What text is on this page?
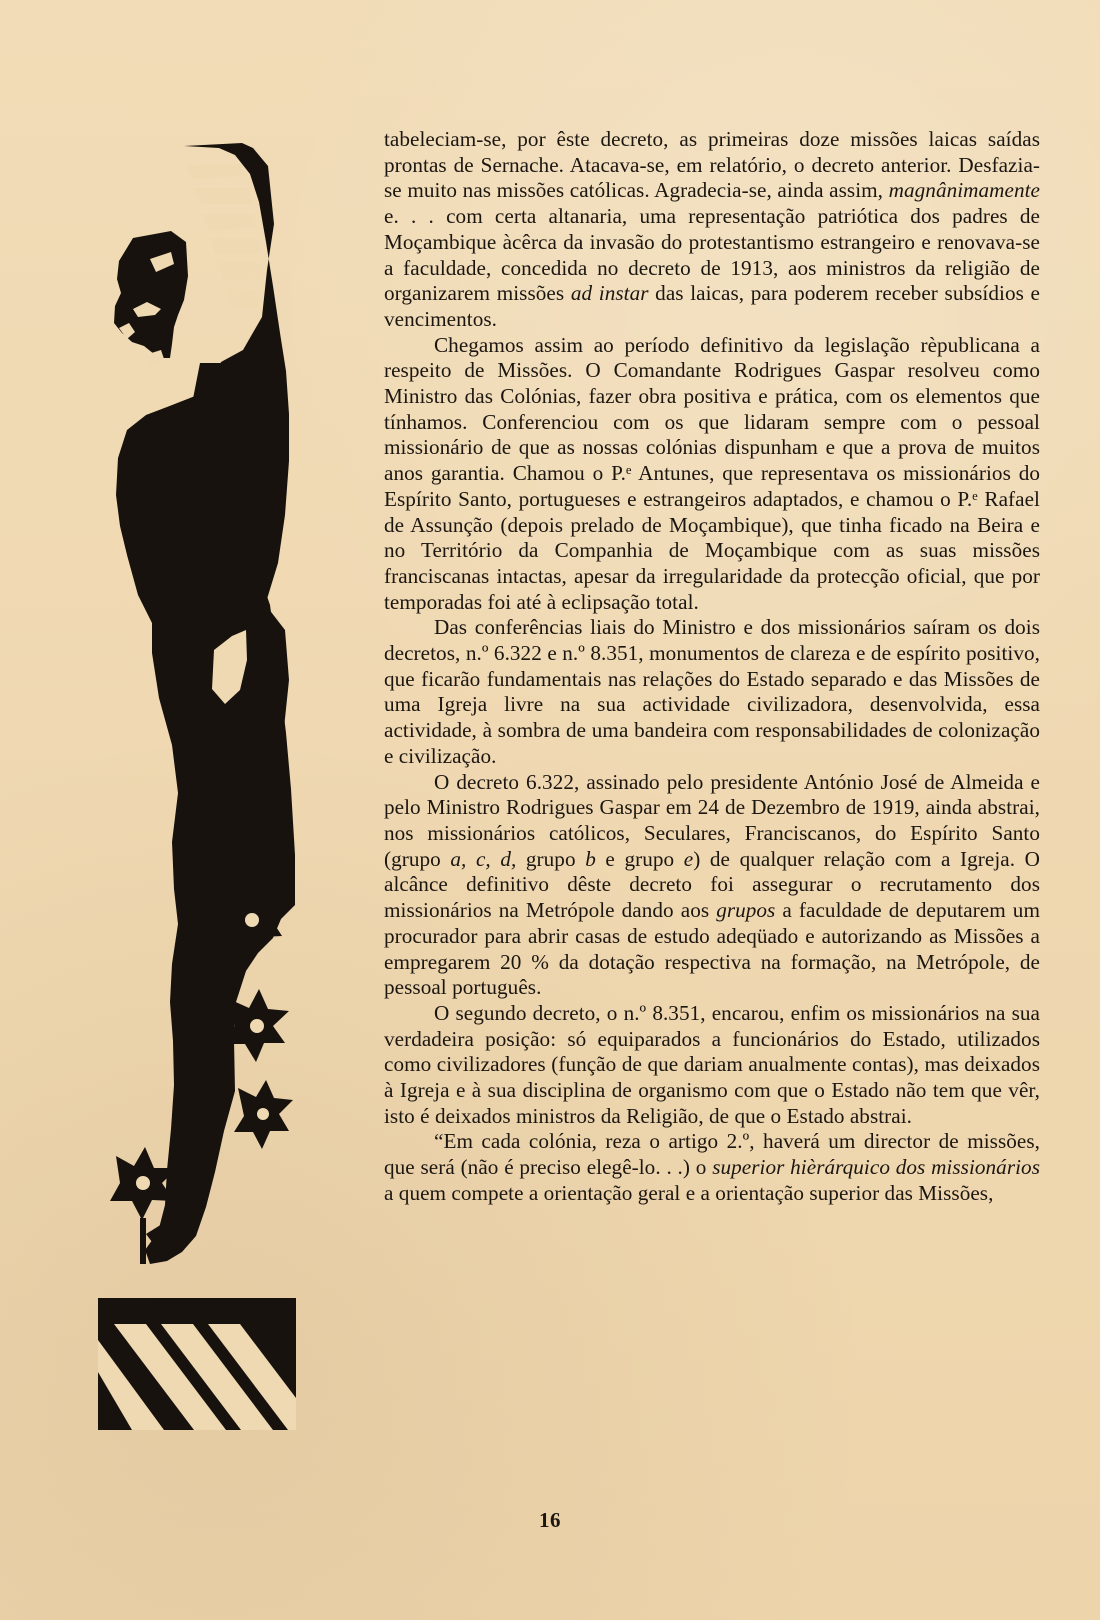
tabeleciam-se, por êste decreto, as primeiras doze missões laicas saídas prontas de Sernache. Atacava-se, em relatório, o decreto anterior. Desfazia-se muito nas missões católicas. Agradecia-se, ainda assim, magnânimamente e. . . com certa altanaria, uma representação patriótica dos padres de Moçambique àcêrca da invasão do protestantismo estrangeiro e renovava-se a faculdade, concedida no decreto de 1913, aos ministros da religião de organizarem missões ad instar das laicas, para poderem receber subsídios e vencimentos.

Chegamos assim ao período definitivo da legislação rèpublicana a respeito de Missões. O Comandante Rodrigues Gaspar resolveu como Ministro das Colónias, fazer obra positiva e prática, com os elementos que tínhamos. Conferenciou com os que lidaram sempre com o pessoal missionário de que as nossas colónias dispunham e que a prova de muitos anos garantia. Chamou o P.ᵉ Antunes, que representava os missionários do Espírito Santo, portugueses e estrangeiros adaptados, e chamou o P.ᵉ Rafael de Assunção (depois prelado de Moçambique), que tinha ficado na Beira e no Território da Companhia de Moçambique com as suas missões franciscanas intactas, apesar da irregularidade da protecção oficial, que por temporadas foi até à eclipsação total.

Das conferências liais do Ministro e dos missionários saíram os dois decretos, n.º 6.322 e n.º 8.351, monumentos de clareza e de espírito positivo, que ficarão fundamentais nas relações do Estado separado e das Missões de uma Igreja livre na sua actividade civilizadora, desenvolvida, essa actividade, à sombra de uma bandeira com responsabilidades de colonização e civilização.

O decreto 6.322, assinado pelo presidente António José de Almeida e pelo Ministro Rodrigues Gaspar em 24 de Dezembro de 1919, ainda abstrai, nos missionários católicos, Seculares, Franciscanos, do Espírito Santo (grupo a, c, d, grupo b e grupo e) de qualquer relação com a Igreja. O alcânce definitivo dêste decreto foi assegurar o recrutamento dos missionários na Metrópole dando aos grupos a faculdade de deputarem um procurador para abrir casas de estudo adeqüado e autorizando as Missões a empregarem 20 % da dotação respectiva na formação, na Metrópole, de pessoal português.

O segundo decreto, o n.º 8.351, encarou, enfim os missionários na sua verdadeira posição: só equiparados a funcionários do Estado, utilizados como civilizadores (função de que dariam anualmente contas), mas deixados à Igreja e à sua disciplina de organismo com que o Estado não tem que vêr, isto é deixados ministros da Religião, de que o Estado abstrai.

“Em cada colónia, reza o artigo 2.º, haverá um director de missões, que será (não é preciso elegê-lo. . .) o superior hièrárquico dos missionários a quem compete a orientação geral e a orientação superior das Missões,

16
